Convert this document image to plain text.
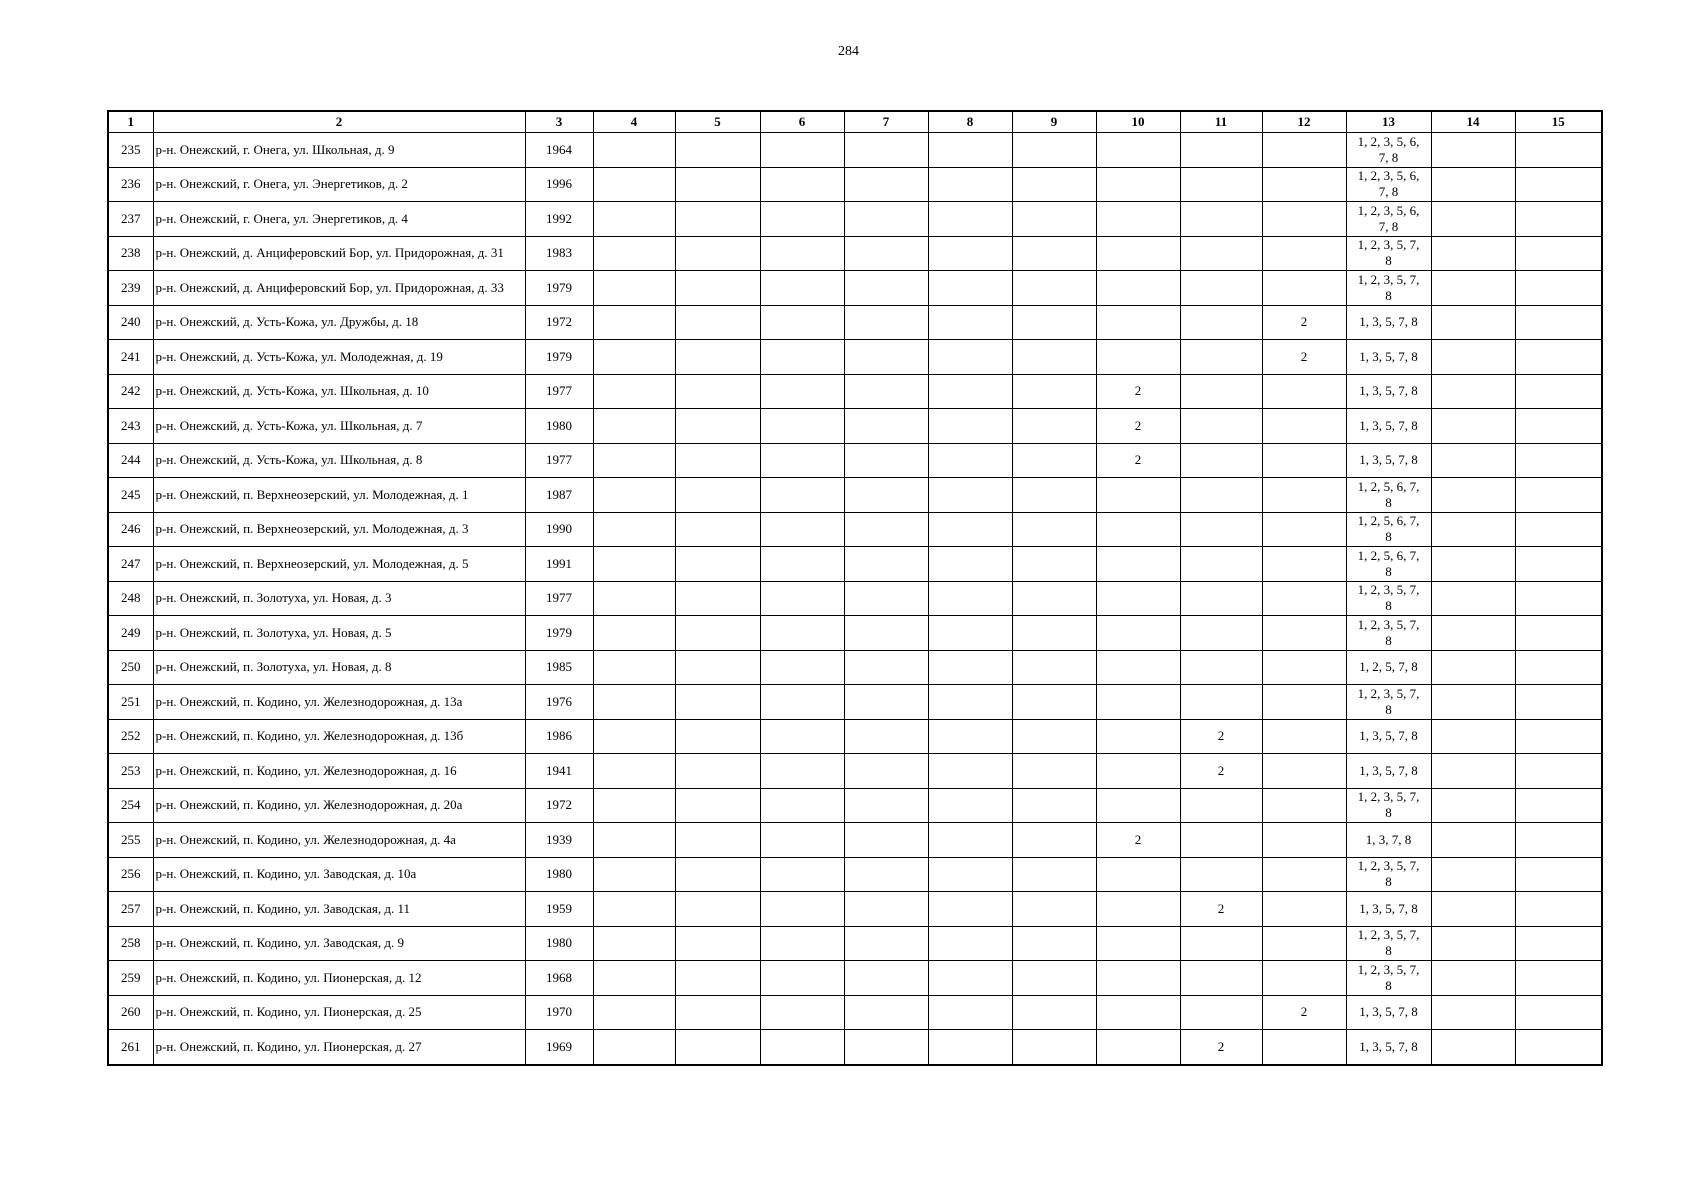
284
1	2	3	4	5	6	7	8	9	10	11	12	13	14	15
235	р-н. Онежский, г. Онега, ул. Школьная, д. 9	1964										1, 2, 3, 5, 6, 7, 8		
236	р-н. Онежский, г. Онега, ул. Энергетиков, д. 2	1996										1, 2, 3, 5, 6, 7, 8		
237	р-н. Онежский, г. Онега, ул. Энергетиков, д. 4	1992										1, 2, 3, 5, 6, 7, 8		
238	р-н. Онежский, д. Анциферовский Бор, ул. Придорожная, д. 31	1983										1, 2, 3, 5, 7, 8		
239	р-н. Онежский, д. Анциферовский Бор, ул. Придорожная, д. 33	1979										1, 2, 3, 5, 7, 8		
240	р-н. Онежский, д. Усть-Кожа, ул. Дружбы, д. 18	1972									2	1, 3, 5, 7, 8		
241	р-н. Онежский, д. Усть-Кожа, ул. Молодежная, д. 19	1979									2	1, 3, 5, 7, 8		
242	р-н. Онежский, д. Усть-Кожа, ул. Школьная, д. 10	1977							2			1, 3, 5, 7, 8		
243	р-н. Онежский, д. Усть-Кожа, ул. Школьная, д. 7	1980							2			1, 3, 5, 7, 8		
244	р-н. Онежский, д. Усть-Кожа, ул. Школьная, д. 8	1977							2			1, 3, 5, 7, 8		
245	р-н. Онежский, п. Верхнеозерский, ул. Молодежная, д. 1	1987										1, 2, 5, 6, 7, 8		
246	р-н. Онежский, п. Верхнеозерский, ул. Молодежная, д. 3	1990										1, 2, 5, 6, 7, 8		
247	р-н. Онежский, п. Верхнеозерский, ул. Молодежная, д. 5	1991										1, 2, 5, 6, 7, 8		
248	р-н. Онежский, п. Золотуха, ул. Новая, д. 3	1977										1, 2, 3, 5, 7, 8		
249	р-н. Онежский, п. Золотуха, ул. Новая, д. 5	1979										1, 2, 3, 5, 7, 8		
250	р-н. Онежский, п. Золотуха, ул. Новая, д. 8	1985										1, 2, 5, 7, 8		
251	р-н. Онежский, п. Кодино, ул. Железнодорожная, д. 13а	1976										1, 2, 3, 5, 7, 8		
252	р-н. Онежский, п. Кодино, ул. Железнодорожная, д. 13б	1986								2		1, 3, 5, 7, 8		
253	р-н. Онежский, п. Кодино, ул. Железнодорожная, д. 16	1941								2		1, 3, 5, 7, 8		
254	р-н. Онежский, п. Кодино, ул. Железнодорожная, д. 20а	1972										1, 2, 3, 5, 7, 8		
255	р-н. Онежский, п. Кодино, ул. Железнодорожная, д. 4а	1939							2			1, 3, 7, 8		
256	р-н. Онежский, п. Кодино, ул. Заводская, д. 10а	1980										1, 2, 3, 5, 7, 8		
257	р-н. Онежский, п. Кодино, ул. Заводская, д. 11	1959								2		1, 3, 5, 7, 8		
258	р-н. Онежский, п. Кодино, ул. Заводская, д. 9	1980										1, 2, 3, 5, 7, 8		
259	р-н. Онежский, п. Кодино, ул. Пионерская, д. 12	1968										1, 2, 3, 5, 7, 8		
260	р-н. Онежский, п. Кодино, ул. Пионерская, д. 25	1970									2	1, 3, 5, 7, 8		
261	р-н. Онежский, п. Кодино, ул. Пионерская, д. 27	1969								2		1, 3, 5, 7, 8		
